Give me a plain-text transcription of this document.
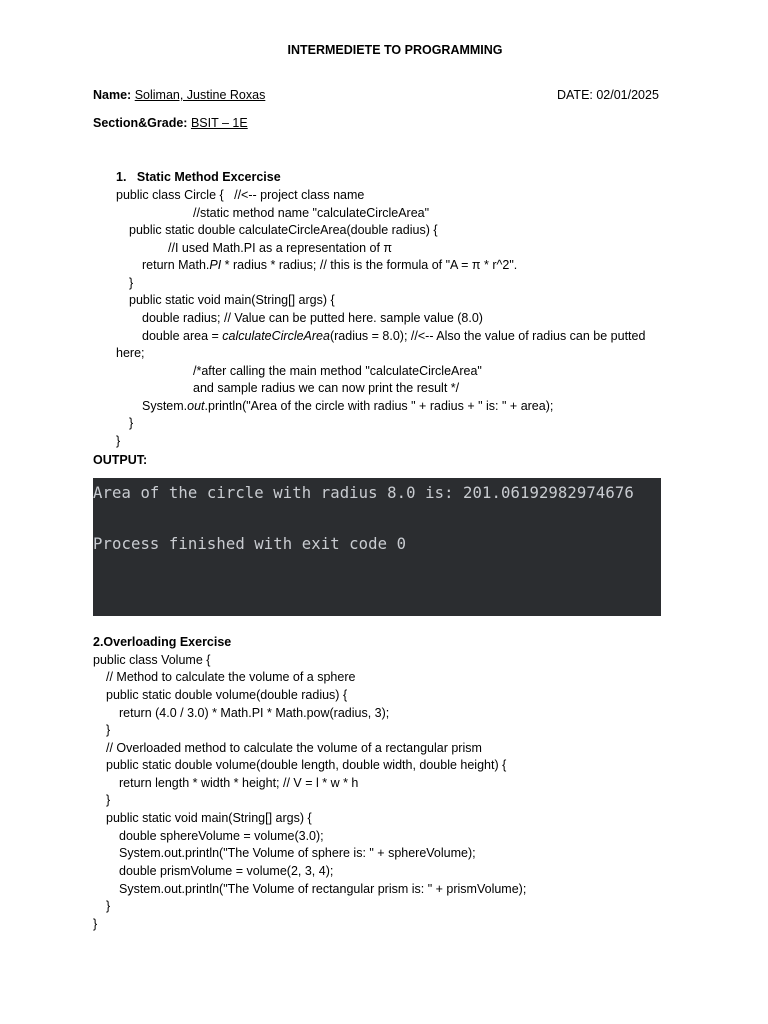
INTERMEDIETE TO PROGRAMMING
Name: Soliman, Justine Roxas	DATE: 02/01/2025
Section&Grade: BSIT – 1E
1. Static Method Excercise
public class Circle {   //<-- project class name
//static method name "calculateCircleArea"
public static double calculateCircleArea(double radius) {
//I used Math.PI as a representation of π
return Math.PI * radius * radius; // this is the formula of "A = π * r^2".
}
public static void main(String[] args) {
double radius; // Value can be putted here. sample value (8.0)
double area = calculateCircleArea(radius = 8.0); //<-- Also the value of radius can be putted
here;
/*after calling the main method "calculateCircleArea"
and sample radius we can now print the result */
System.out.println("Area of the circle with radius " + radius + " is: " + area);
}
}
OUTPUT:
Area of the circle with radius 8.0 is: 201.06192982974676
Process finished with exit code 0
2.Overloading Exercise
public class Volume {
// Method to calculate the volume of a sphere
public static double volume(double radius) {
return (4.0 / 3.0) * Math.PI * Math.pow(radius, 3);
}
// Overloaded method to calculate the volume of a rectangular prism
public static double volume(double length, double width, double height) {
return length * width * height; // V = l * w * h
}
public static void main(String[] args) {
double sphereVolume = volume(3.0);
System.out.println("The Volume of sphere is: " + sphereVolume);
double prismVolume = volume(2, 3, 4);
System.out.println("The Volume of rectangular prism is: " + prismVolume);
}
}
